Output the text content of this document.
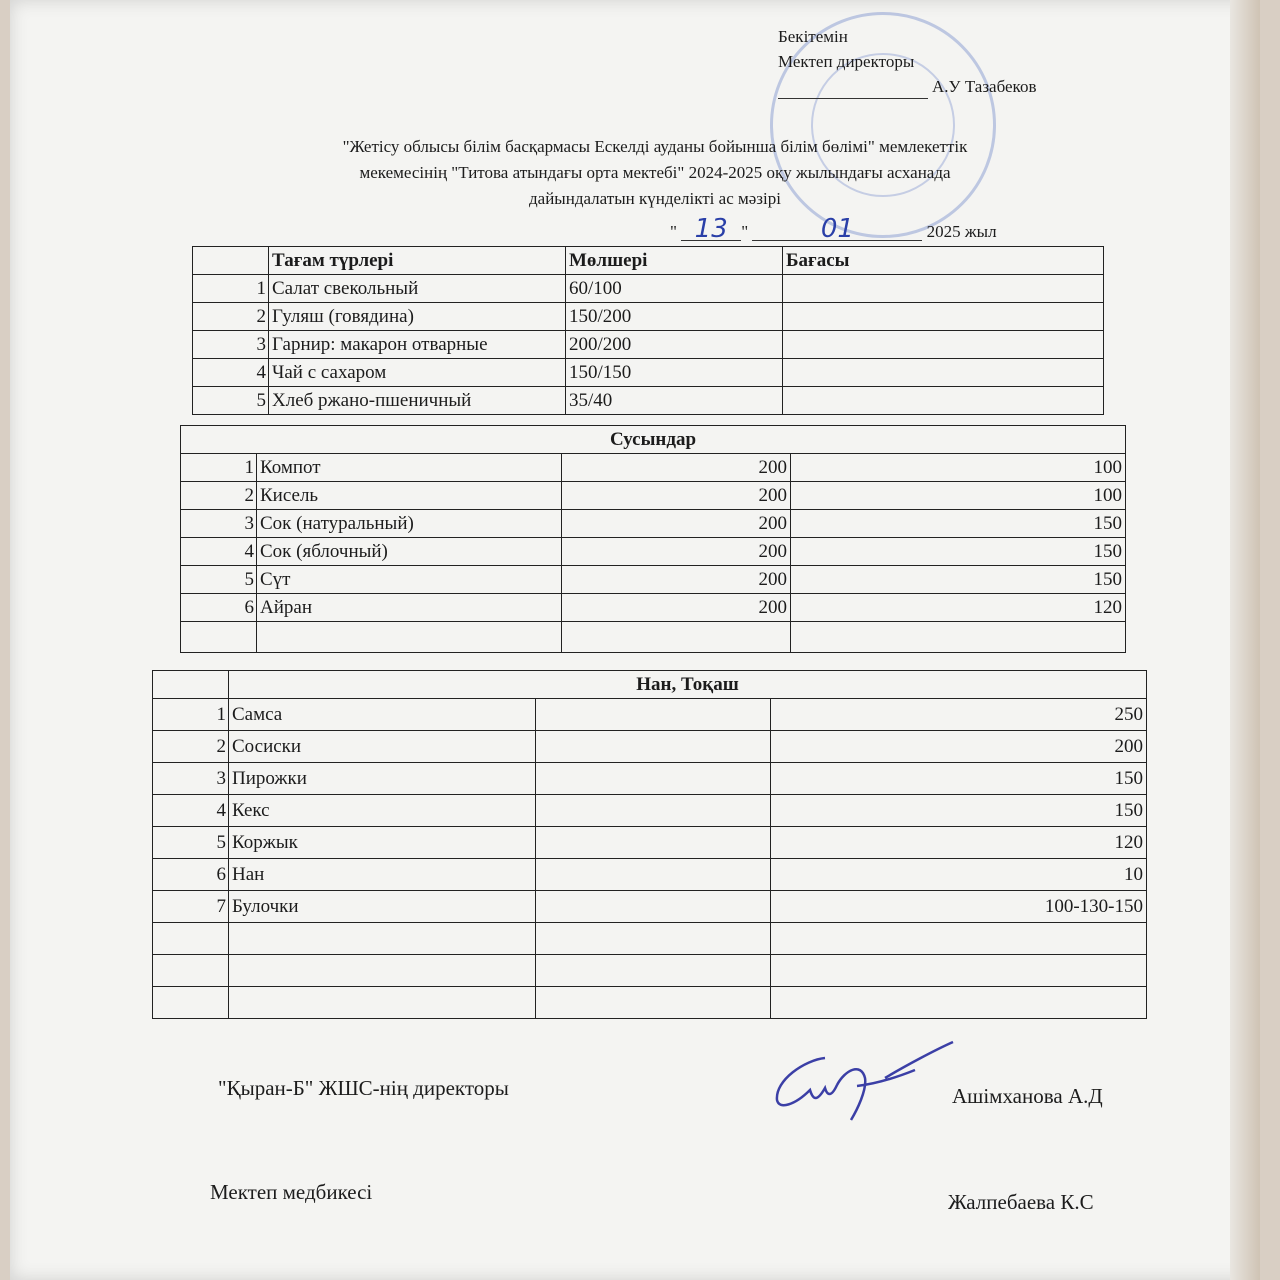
Бекітемін
Мектеп директоры
А.У Тазабеков
"Жетісу облысы білім басқармасы Ескелді ауданы бойынша білім бөлімі" мемлекеттік
мекемесінің "Титова атындағы орта мектебі" 2024-2025 оқу жылындағы асханада
дайындалатын күнделікті ас мәзірі
" 13 "	01	2025 жыл
	Тағам түрлері	Мөлшері	Бағасы
1	Салат свекольный	60/100	
2	Гуляш (говядина)	150/200	
3	Гарнир: макарон отварные	200/200	
4	Чай с сахаром	150/150	
5	Хлеб ржано-пшеничный	35/40	
Сусындар			
1	Компот	200	100
2	Кисель	200	100
3	Сок (натуральный)	200	150
4	Сок (яблочный)	200	150
5	Сүт	200	150
6	Айран	200	120

	Нан, Тоқаш		
1	Самса		250
2	Сосиски		200
3	Пирожки		150
4	Кекс		150
5	Коржык		120
6	Нан		10
7	Булочки		100-130-150

"Қыран-Б" ЖШС-нің директоры	Ашімханова А.Д
Мектеп медбикесі	Жалпебаева К.С
